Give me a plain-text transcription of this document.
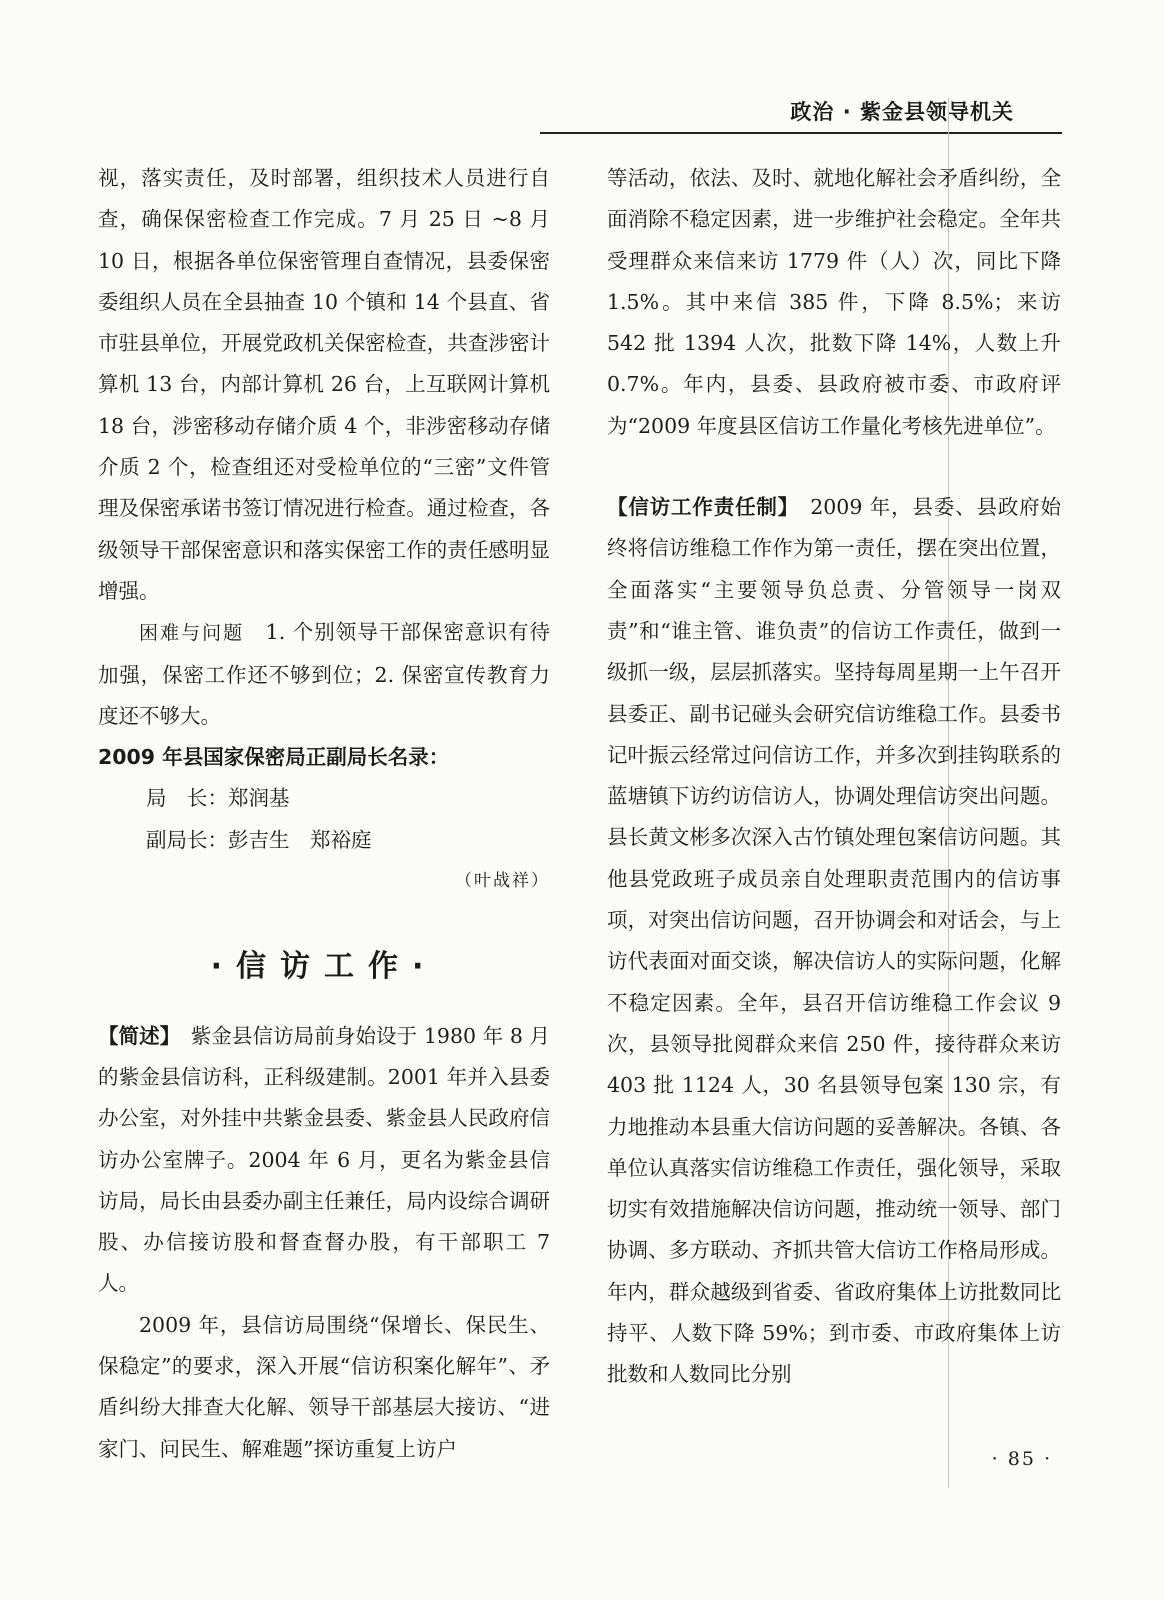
政治 · 紫金县领导机关

视，落实责任，及时部署，组织技术人员进行自查，确保保密检查工作完成。7 月 25 日 ~8 月 10 日，根据各单位保密管理自查情况，县委保密委组织人员在全县抽查 10 个镇和 14 个县直、省市驻县单位，开展党政机关保密检查，共查涉密计算机 13 台，内部计算机 26 台，上互联网计算机 18 台，涉密移动存储介质 4 个，非涉密移动存储介质 2 个，检查组还对受检单位的“三密”文件管理及保密承诺书签订情况进行检查。通过检查，各级领导干部保密意识和落实保密工作的责任感明显增强。

困难与问题　 1. 个别领导干部保密意识有待加强，保密工作还不够到位；2. 保密宣传教育力度还不够大。

2009 年县国家保密局正副局长名录：

局　长：郑润基

副局长：彭吉生　郑裕庭

（叶战祥）

·信访工作·

【简述】　 紫金县信访局前身始设于 1980 年 8 月的紫金县信访科，正科级建制。2001 年并入县委办公室，对外挂中共紫金县委、紫金县人民政府信访办公室牌子。2004 年 6 月，更名为紫金县信访局，局长由县委办副主任兼任，局内设综合调研股、办信接访股和督查督办股，有干部职工 7 人。

2009 年，县信访局围绕“保增长、保民生、保稳定”的要求，深入开展“信访积案化解年”、矛盾纠纷大排查大化解、领导干部基层大接访、“进家门、问民生、解难题”探访重复上访户

等活动，依法、及时、就地化解社会矛盾纠纷，全面消除不稳定因素，进一步维护社会稳定。全年共受理群众来信来访 1779 件（人）次，同比下降 1.5%。其中来信 385 件，下降 8.5%；来访 542 批 1394 人次，批数下降 14%，人数上升 0.7%。年内，县委、县政府被市委、市政府评为“2009 年度县区信访工作量化考核先进单位”。

【信访工作责任制】　 2009 年，县委、县政府始终将信访维稳工作作为第一责任，摆在突出位置，全面落实“主要领导负总责、分管领导一岗双责”和“谁主管、谁负责”的信访工作责任，做到一级抓一级，层层抓落实。坚持每周星期一上午召开县委正、副书记碰头会研究信访维稳工作。县委书记叶振云经常过问信访工作，并多次到挂钩联系的蓝塘镇下访约访信访人，协调处理信访突出问题。县长黄文彬多次深入古竹镇处理包案信访问题。其他县党政班子成员亲自处理职责范围内的信访事项，对突出信访问题，召开协调会和对话会，与上访代表面对面交谈，解决信访人的实际问题，化解不稳定因素。全年，县召开信访维稳工作会议 9 次，县领导批阅群众来信 250 件，接待群众来访 403 批 1124 人，30 名县领导包案 130 宗，有力地推动本县重大信访问题的妥善解决。各镇、各单位认真落实信访维稳工作责任，强化领导，采取切实有效措施解决信访问题，推动统一领导、部门协调、多方联动、齐抓共管大信访工作格局形成。年内，群众越级到省委、省政府集体上访批数同比持平、人数下降 59%；到市委、市政府集体上访批数和人数同比分别

· 85 ·
